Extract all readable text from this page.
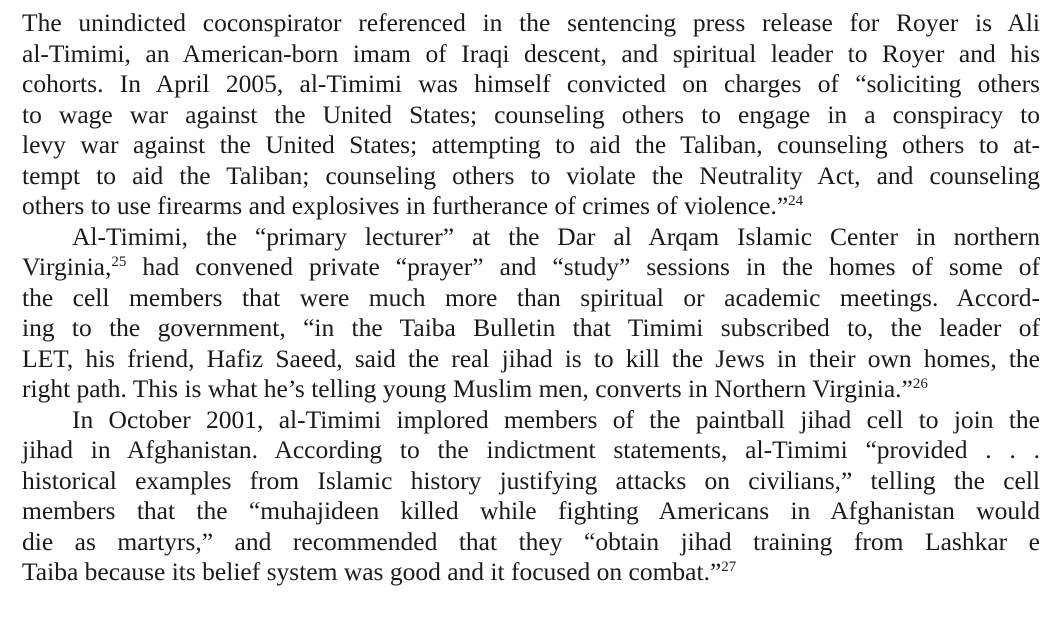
The unindicted coconspirator referenced in the sentencing press release for Royer is Ali
al-Timimi, an American-born imam of Iraqi descent, and spiritual leader to Royer and his
cohorts. In April 2005, al-Timimi was himself convicted on charges of “soliciting others
to wage war against the United States; counseling others to engage in a conspiracy to
levy war against the United States; attempting to aid the Taliban, counseling others to at-
tempt to aid the Taliban; counseling others to violate the Neutrality Act, and counseling
others to use firearms and explosives in furtherance of crimes of violence.”$^{24}$
Al-Timimi, the “primary lecturer” at the Dar al Arqam Islamic Center in northern
Virginia,$^{25}$ had convened private “prayer” and “study” sessions in the homes of some of
the cell members that were much more than spiritual or academic meetings. Accord-
ing to the government, “in the Taiba Bulletin that Timimi subscribed to, the leader of
LET, his friend, Hafiz Saeed, said the real jihad is to kill the Jews in their own homes, the
right path. This is what he’s telling young Muslim men, converts in Northern Virginia.”$^{26}$
In October 2001, al-Timimi implored members of the paintball jihad cell to join the
jihad in Afghanistan. According to the indictment statements, al-Timimi “provided . . .
historical examples from Islamic history justifying attacks on civilians,” telling the cell
members that the “muhajideen killed while fighting Americans in Afghanistan would
die as martyrs,” and recommended that they “obtain jihad training from Lashkar e
Taiba because its belief system was good and it focused on combat.”$^{27}$
